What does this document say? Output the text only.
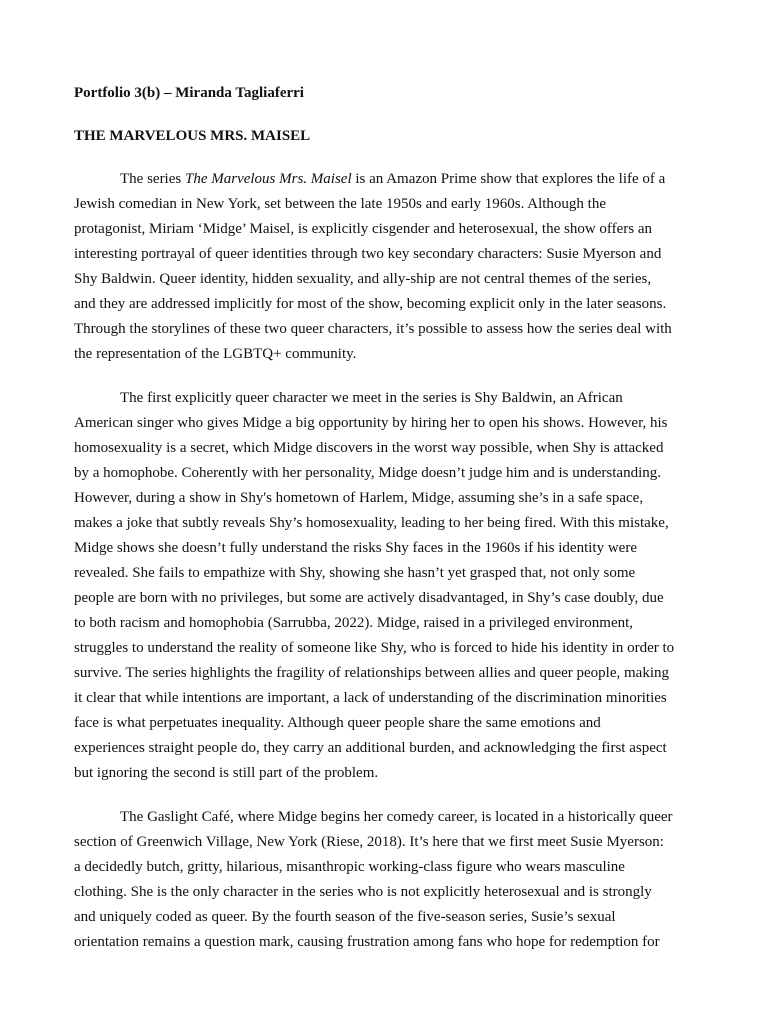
Portfolio 3(b) – Miranda Tagliaferri
THE MARVELOUS MRS. MAISEL
The series The Marvelous Mrs. Maisel is an Amazon Prime show that explores the life of a
Jewish comedian in New York, set between the late 1950s and early 1960s. Although the
protagonist, Miriam ‘Midge’ Maisel, is explicitly cisgender and heterosexual, the show offers an
interesting portrayal of queer identities through two key secondary characters: Susie Myerson and
Shy Baldwin. Queer identity, hidden sexuality, and ally-ship are not central themes of the series,
and they are addressed implicitly for most of the show, becoming explicit only in the later seasons.
Through the storylines of these two queer characters, it’s possible to assess how the series deal with
the representation of the LGBTQ+ community.
The first explicitly queer character we meet in the series is Shy Baldwin, an African
American singer who gives Midge a big opportunity by hiring her to open his shows. However, his
homosexuality is a secret, which Midge discovers in the worst way possible, when Shy is attacked
by a homophobe. Coherently with her personality, Midge doesn’t judge him and is understanding.
However, during a show in Shy's hometown of Harlem, Midge, assuming she’s in a safe space,
makes a joke that subtly reveals Shy’s homosexuality, leading to her being fired. With this mistake,
Midge shows she doesn’t fully understand the risks Shy faces in the 1960s if his identity were
revealed. She fails to empathize with Shy, showing she hasn’t yet grasped that, not only some
people are born with no privileges, but some are actively disadvantaged, in Shy’s case doubly, due
to both racism and homophobia (Sarrubba, 2022). Midge, raised in a privileged environment,
struggles to understand the reality of someone like Shy, who is forced to hide his identity in order to
survive. The series highlights the fragility of relationships between allies and queer people, making
it clear that while intentions are important, a lack of understanding of the discrimination minorities
face is what perpetuates inequality. Although queer people share the same emotions and
experiences straight people do, they carry an additional burden, and acknowledging the first aspect
but ignoring the second is still part of the problem.
The Gaslight Café, where Midge begins her comedy career, is located in a historically queer
section of Greenwich Village, New York (Riese, 2018). It’s here that we first meet Susie Myerson:
a decidedly butch, gritty, hilarious, misanthropic working-class figure who wears masculine
clothing. She is the only character in the series who is not explicitly heterosexual and is strongly
and uniquely coded as queer. By the fourth season of the five-season series, Susie’s sexual
orientation remains a question mark, causing frustration among fans who hope for redemption for
